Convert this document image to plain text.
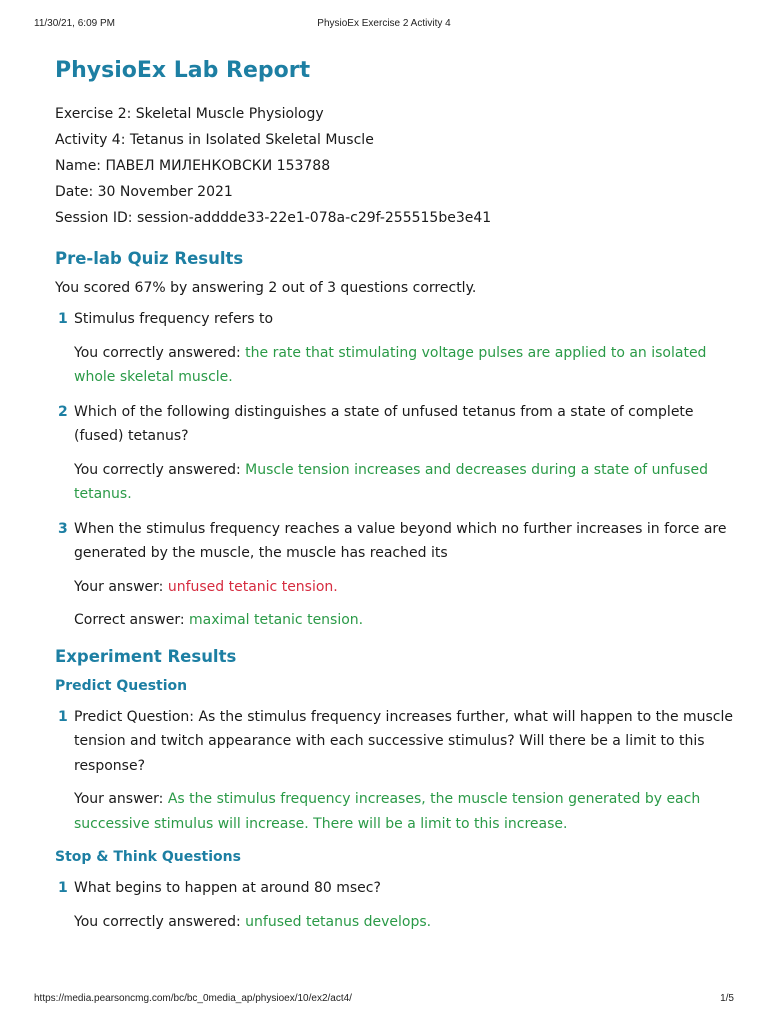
11/30/21, 6:09 PM	PhysioEx Exercise 2 Activity 4
PhysioEx Lab Report
Exercise 2: Skeletal Muscle Physiology
Activity 4: Tetanus in Isolated Skeletal Muscle
Name: ПАВЕЛ МИЛЕНКОВСКИ 153788
Date: 30 November 2021
Session ID: session-adddde33-22e1-078a-c29f-255515be3e41
Pre-lab Quiz Results

You scored 67% by answering 2 out of 3 questions correctly.

1 Stimulus frequency refers to

You correctly answered: the rate that stimulating voltage pulses are applied to an isolated whole skeletal muscle.

2 Which of the following distinguishes a state of unfused tetanus from a state of complete (fused) tetanus?

You correctly answered: Muscle tension increases and decreases during a state of unfused tetanus.

3 When the stimulus frequency reaches a value beyond which no further increases in force are generated by the muscle, the muscle has reached its

Your answer: unfused tetanic tension.

Correct answer: maximal tetanic tension.

Experiment Results
Predict Question
1 Predict Question: As the stimulus frequency increases further, what will happen to the muscle tension and twitch appearance with each successive stimulus? Will there be a limit to this response?

Your answer: As the stimulus frequency increases, the muscle tension generated by each successive stimulus will increase. There will be a limit to this increase.

Stop & Think Questions
1 What begins to happen at around 80 msec?

You correctly answered: unfused tetanus develops.

https://media.pearsoncmg.com/bc/bc_0media_ap/physioex/10/ex2/act4/	1/5
